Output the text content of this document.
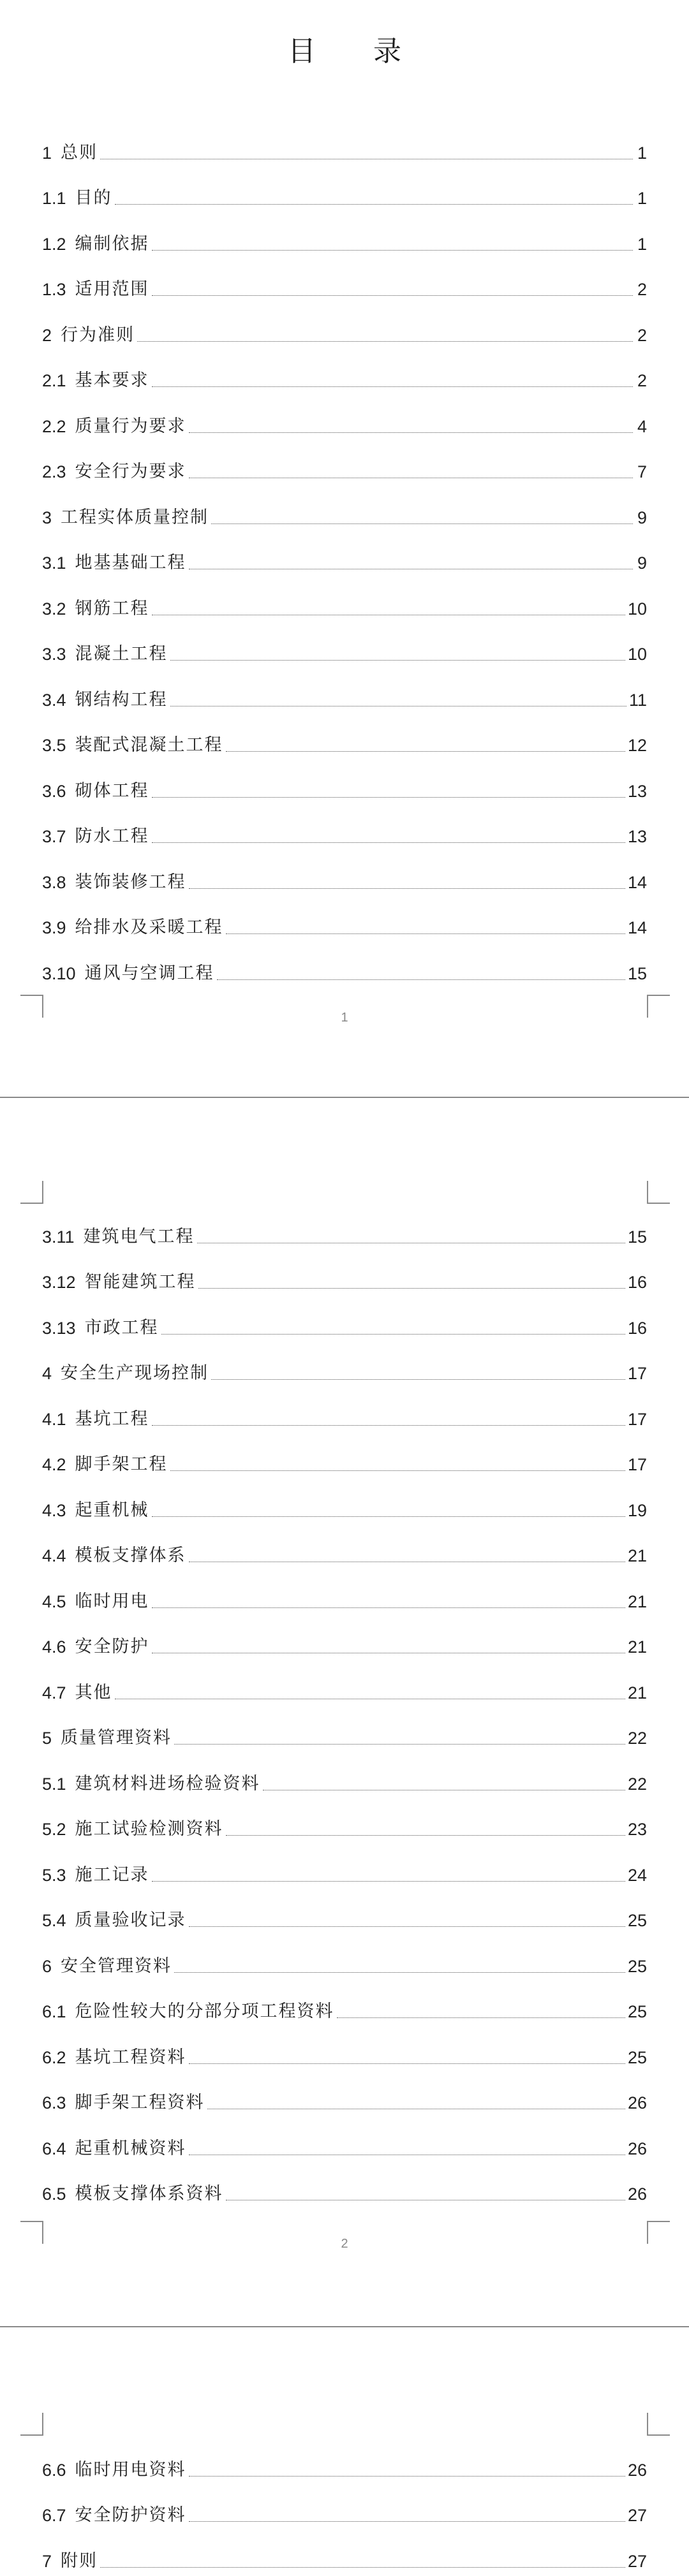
目 录
1 总则	1
1.1 目的	1
1.2 编制依据	1
1.3 适用范围	2
2 行为准则	2
2.1 基本要求	2
2.2 质量行为要求	4
2.3 安全行为要求	7
3 工程实体质量控制	9
3.1 地基基础工程	9
3.2 钢筋工程	10
3.3 混凝土工程	10
3.4 钢结构工程	11
3.5 装配式混凝土工程	12
3.6 砌体工程	13
3.7 防水工程	13
3.8 装饰装修工程	14
3.9 给排水及采暖工程	14
3.10 通风与空调工程	15
1
2
3.11 建筑电气工程	15
3.12 智能建筑工程	16
3.13 市政工程	16
4 安全生产现场控制	17
4.1 基坑工程	17
4.2 脚手架工程	17
4.3 起重机械	19
4.4 模板支撑体系	21
4.5 临时用电	21
4.6 安全防护	21
4.7 其他	21
5 质量管理资料	22
5.1 建筑材料进场检验资料	22
5.2 施工试验检测资料	23
5.3 施工记录	24
5.4 质量验收记录	25
6 安全管理资料	25
6.1 危险性较大的分部分项工程资料	25
6.2 基坑工程资料	25
6.3 脚手架工程资料	26
6.4 起重机械资料	26
6.5 模板支撑体系资料	26
6.6 临时用电资料	26
6.7 安全防护资料	27
7 附则	27
